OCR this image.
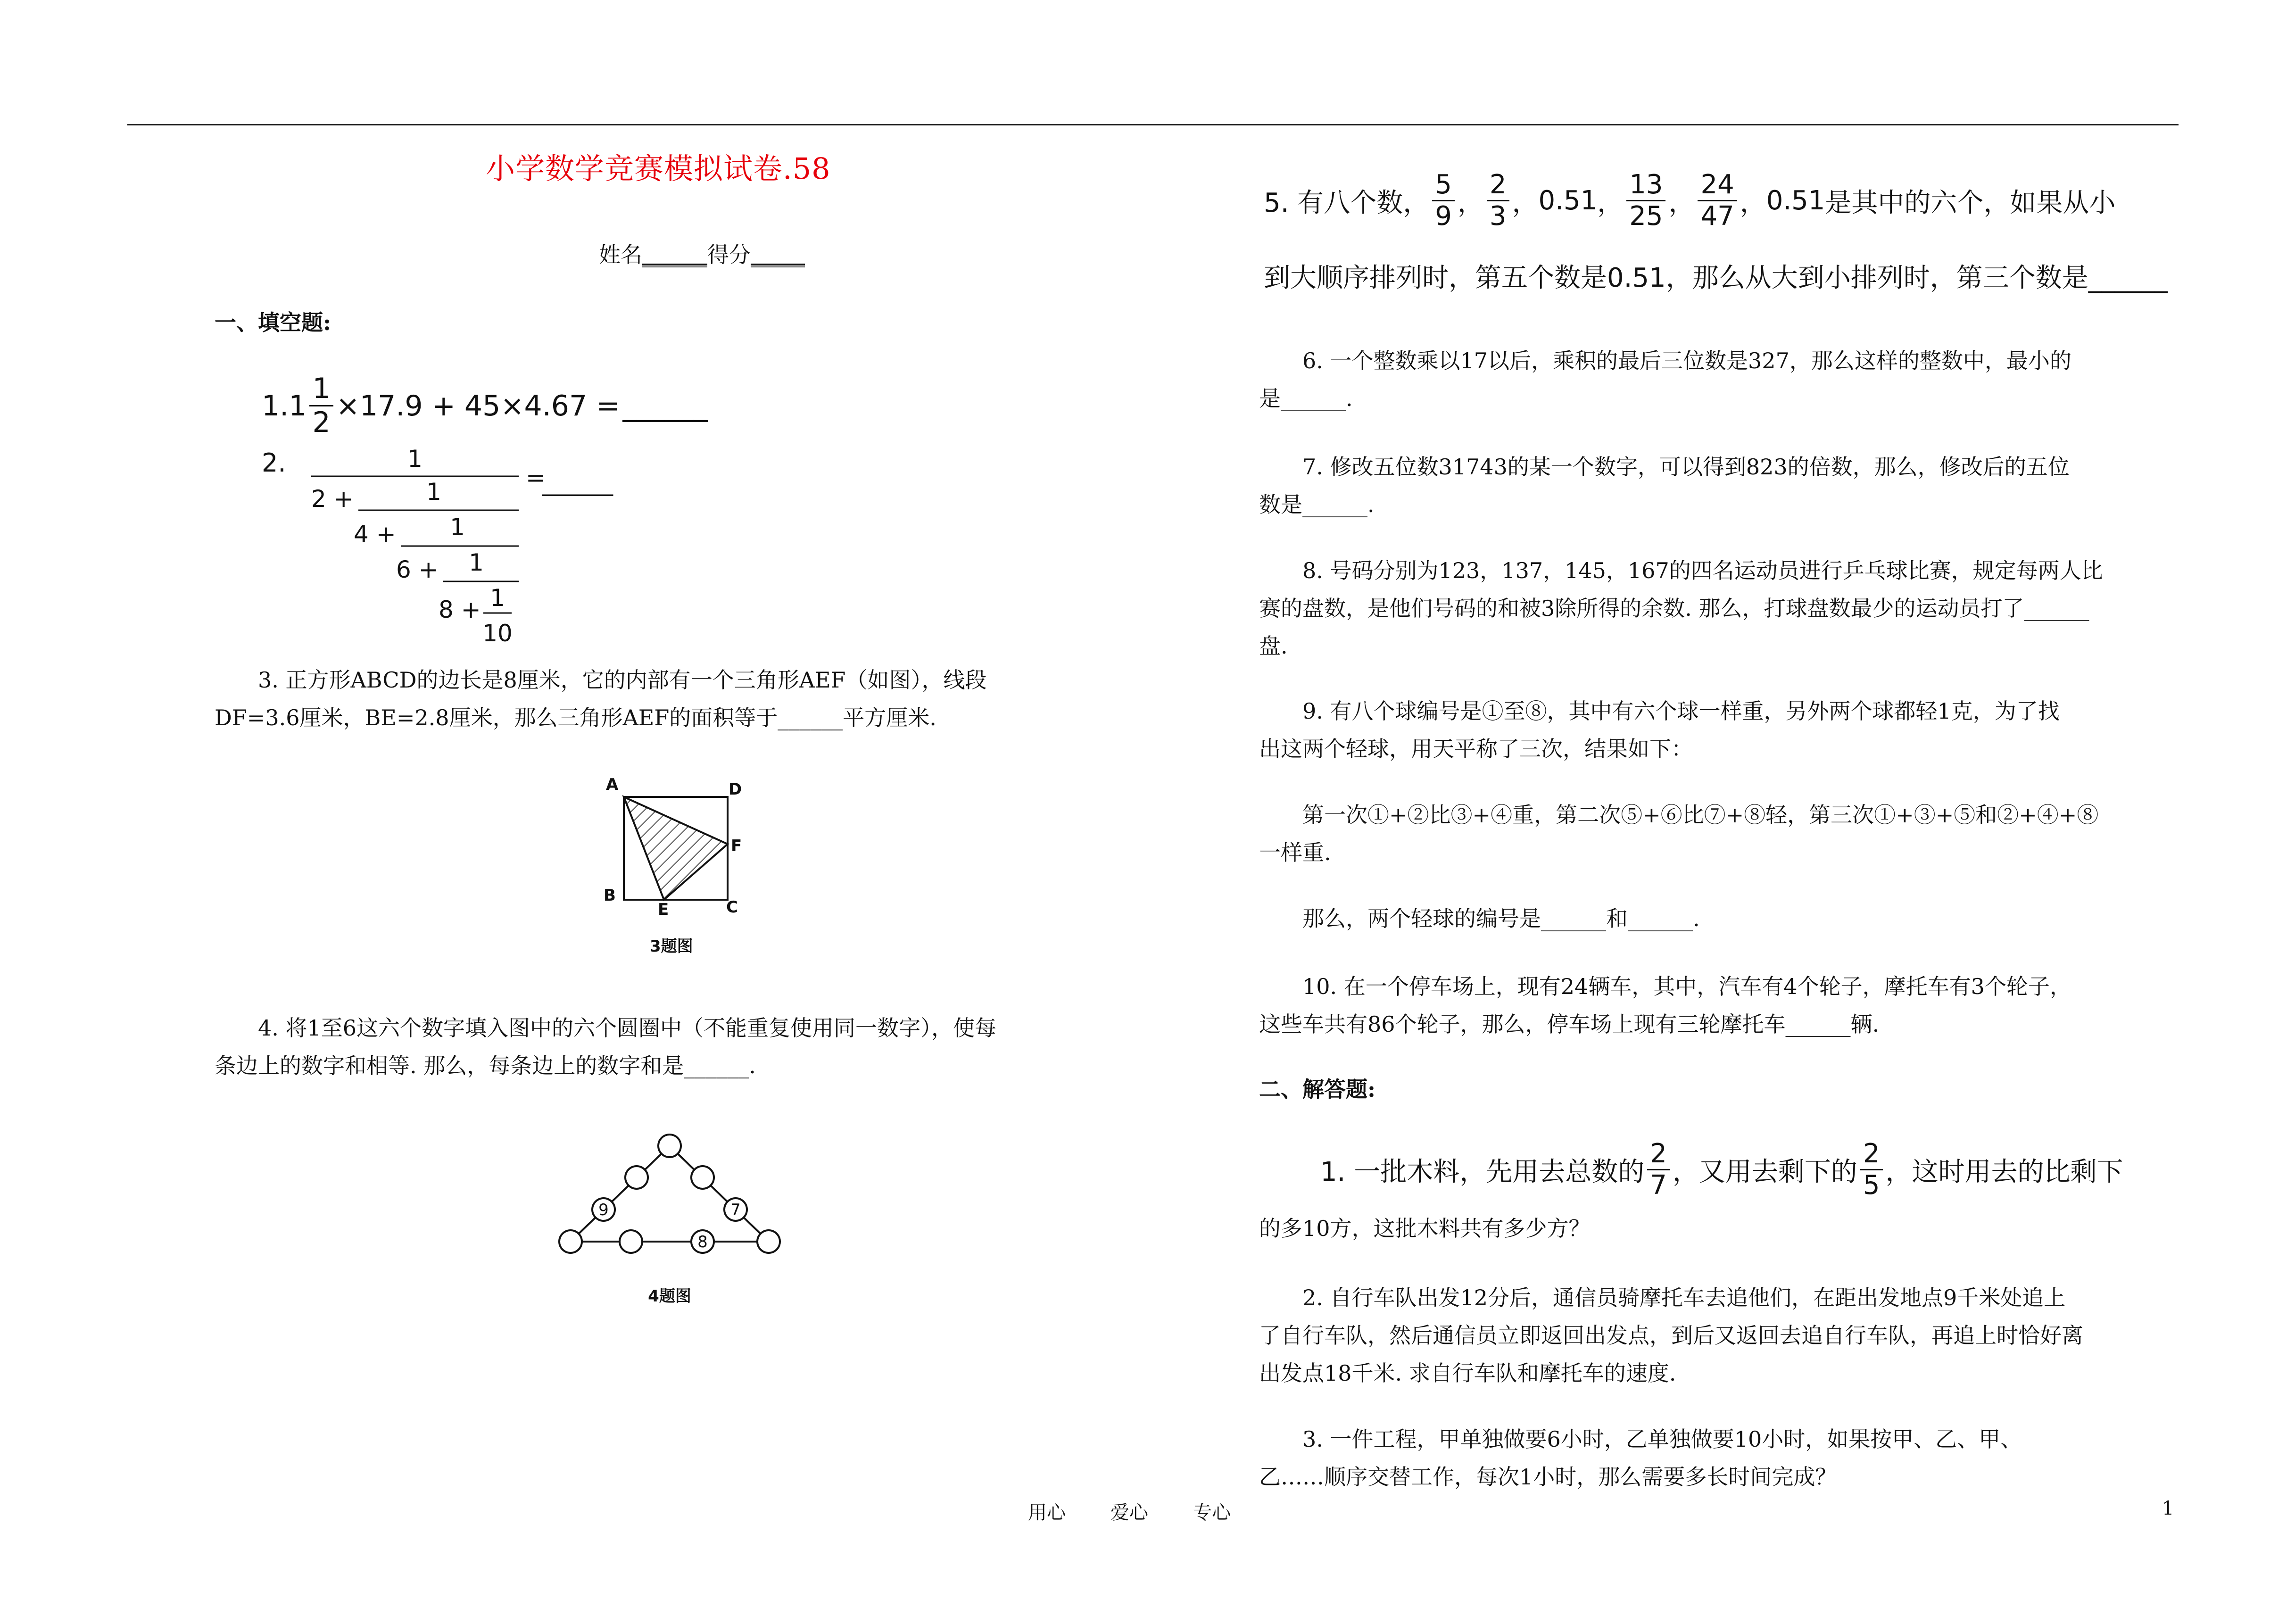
小学数学竞赛模拟试卷.58
姓名______得分_____
一、填空题:
1. $1 \frac{1}{2} \times 17.9 + 45\times 4.67$ = ______
2.	1
2 +	1
4 + 1
6 + 1
8 + 1
10
=
______
3. 正方形ABCD的边长是8厘米，它的内部有一个三角形AEF（如图），线段
DF=3.6厘米，BE=2.8厘米，那么三角形AEF的面积等于______平方厘米.
A	D
F
B
E	C
3题图
4. 将1至6这六个数字填入图中的六个圆圈中（不能重复使用同一数字），使每
条边上的数字和相等. 那么，每条边上的数字和是______.
9	7
8
4题图
5. 有八个数， $\frac{5}{9}$ ， $\frac{2}{3}$ ， 0.51 ， $\frac{13}{25}$ ， $\frac{24}{47}$ ， 0.51 是其中的六个，如果从小
到大顺序排列时，第五个数是0.51，那么从大到小排列时，第三个数是______
6. 一个整数乘以17以后，乘积的最后三位数是327，那么这样的整数中，最小的
是______.
7. 修改五位数31743的某一个数字，可以得到823的倍数，那么，修改后的五位
数是______.
8. 号码分别为123，137，145，167的四名运动员进行乒乓球比赛，规定每两人比
赛的盘数，是他们号码的和被3除所得的余数. 那么，打球盘数最少的运动员打了______
盘.
9. 有八个球编号是①至⑧，其中有六个球一样重，另外两个球都轻1克，为了找
出这两个轻球，用天平称了三次，结果如下：
第一次①+②比③+④重，第二次⑤+⑥比⑦+⑧轻，第三次①+③+⑤和②+④+⑧
一样重.
那么，两个轻球的编号是______和______.
10. 在一个停车场上，现有24辆车，其中，汽车有4个轮子，摩托车有3个轮子，
这些车共有86个轮子，那么，停车场上现有三轮摩托车______辆.
二、解答题:
1. 一批木料，先用去总数的 $\frac{2}{7}$ ，又用去剩下的 $\frac{2}{5}$ ，这时用去的比剩下
的多10方，这批木料共有多少方？
2. 自行车队出发12分后，通信员骑摩托车去追他们，在距出发地点9千米处追上
了自行车队，然后通信员立即返回出发点，到后又返回去追自行车队，再追上时恰好离
出发点18千米. 求自行车队和摩托车的速度.
3. 一件工程，甲单独做要6小时，乙单独做要10小时，如果按甲、乙、甲、
乙……顺序交替工作，每次1小时，那么需要多长时间完成？
用心 爱心 专心	1
